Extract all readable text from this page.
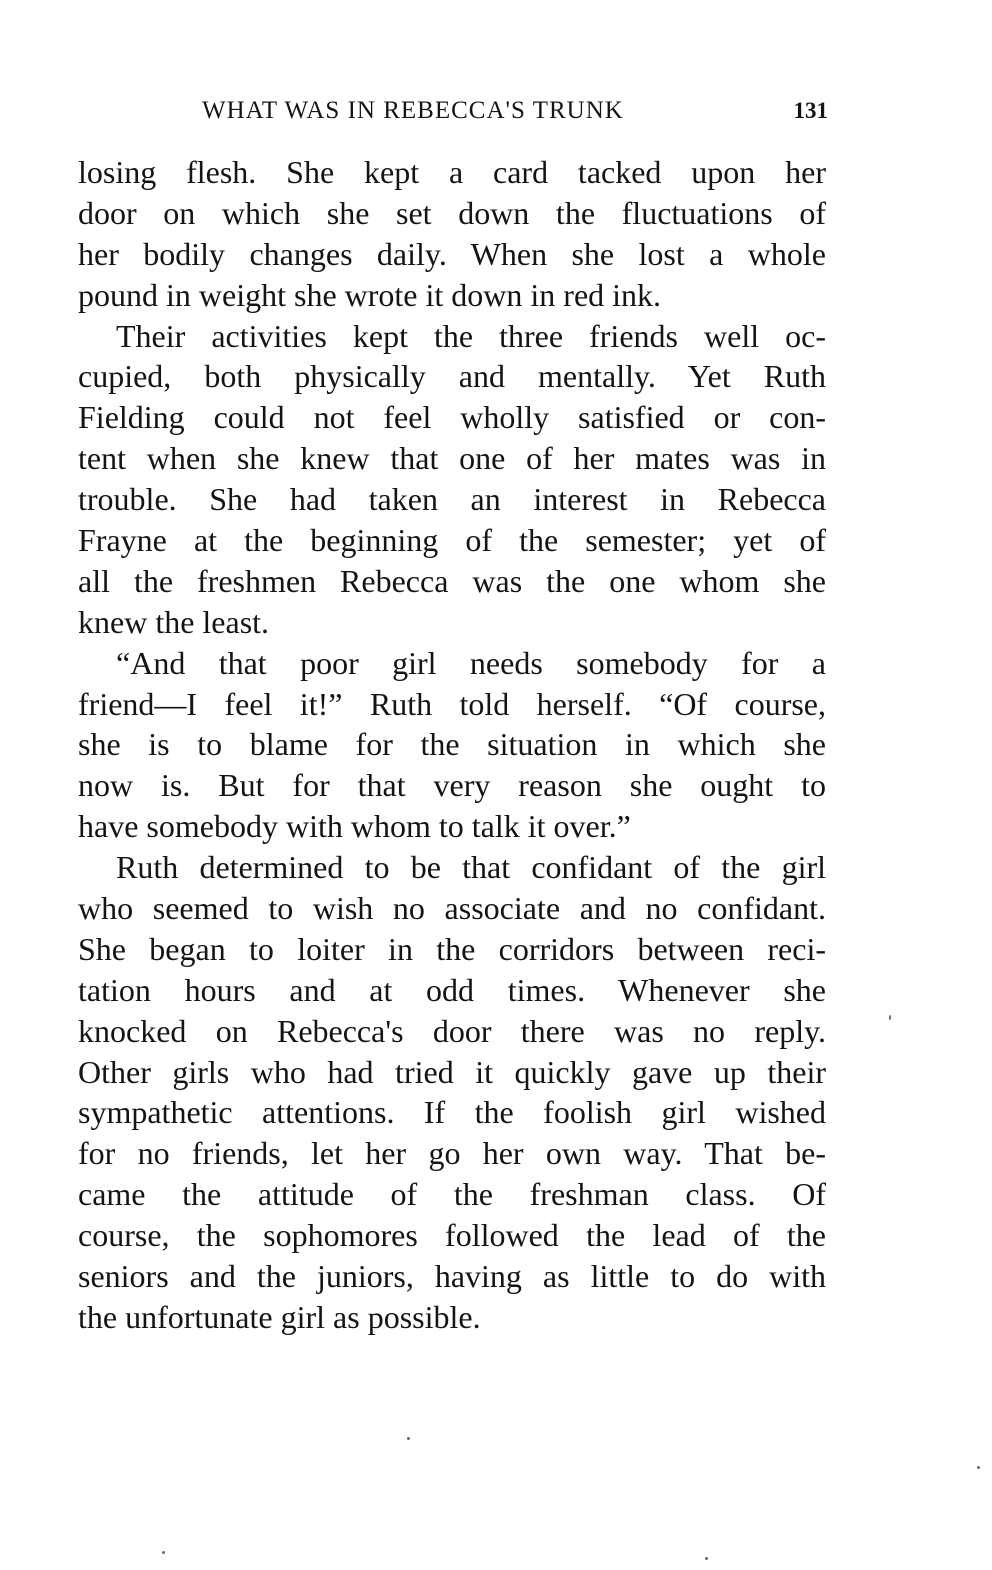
WHAT WAS IN REBECCA'S TRUNK	131
losing flesh. She kept a card tacked upon her
door on which she set down the fluctuations of
her bodily changes daily. When she lost a whole
pound in weight she wrote it down in red ink.
Their activities kept the three friends well oc-
cupied, both physically and mentally. Yet Ruth
Fielding could not feel wholly satisfied or con-
tent when she knew that one of her mates was in
trouble. She had taken an interest in Rebecca
Frayne at the beginning of the semester; yet of
all the freshmen Rebecca was the one whom she
knew the least.
“And that poor girl needs somebody for a
friend—I feel it!” Ruth told herself. “Of course,
she is to blame for the situation in which she
now is. But for that very reason she ought to
have somebody with whom to talk it over.”
Ruth determined to be that confidant of the girl
who seemed to wish no associate and no confidant.
She began to loiter in the corridors between reci-
tation hours and at odd times. Whenever she
knocked on Rebecca's door there was no reply.
Other girls who had tried it quickly gave up their
sympathetic attentions. If the foolish girl wished
for no friends, let her go her own way. That be-
came the attitude of the freshman class. Of
course, the sophomores followed the lead of the
seniors and the juniors, having as little to do with
the unfortunate girl as possible.
